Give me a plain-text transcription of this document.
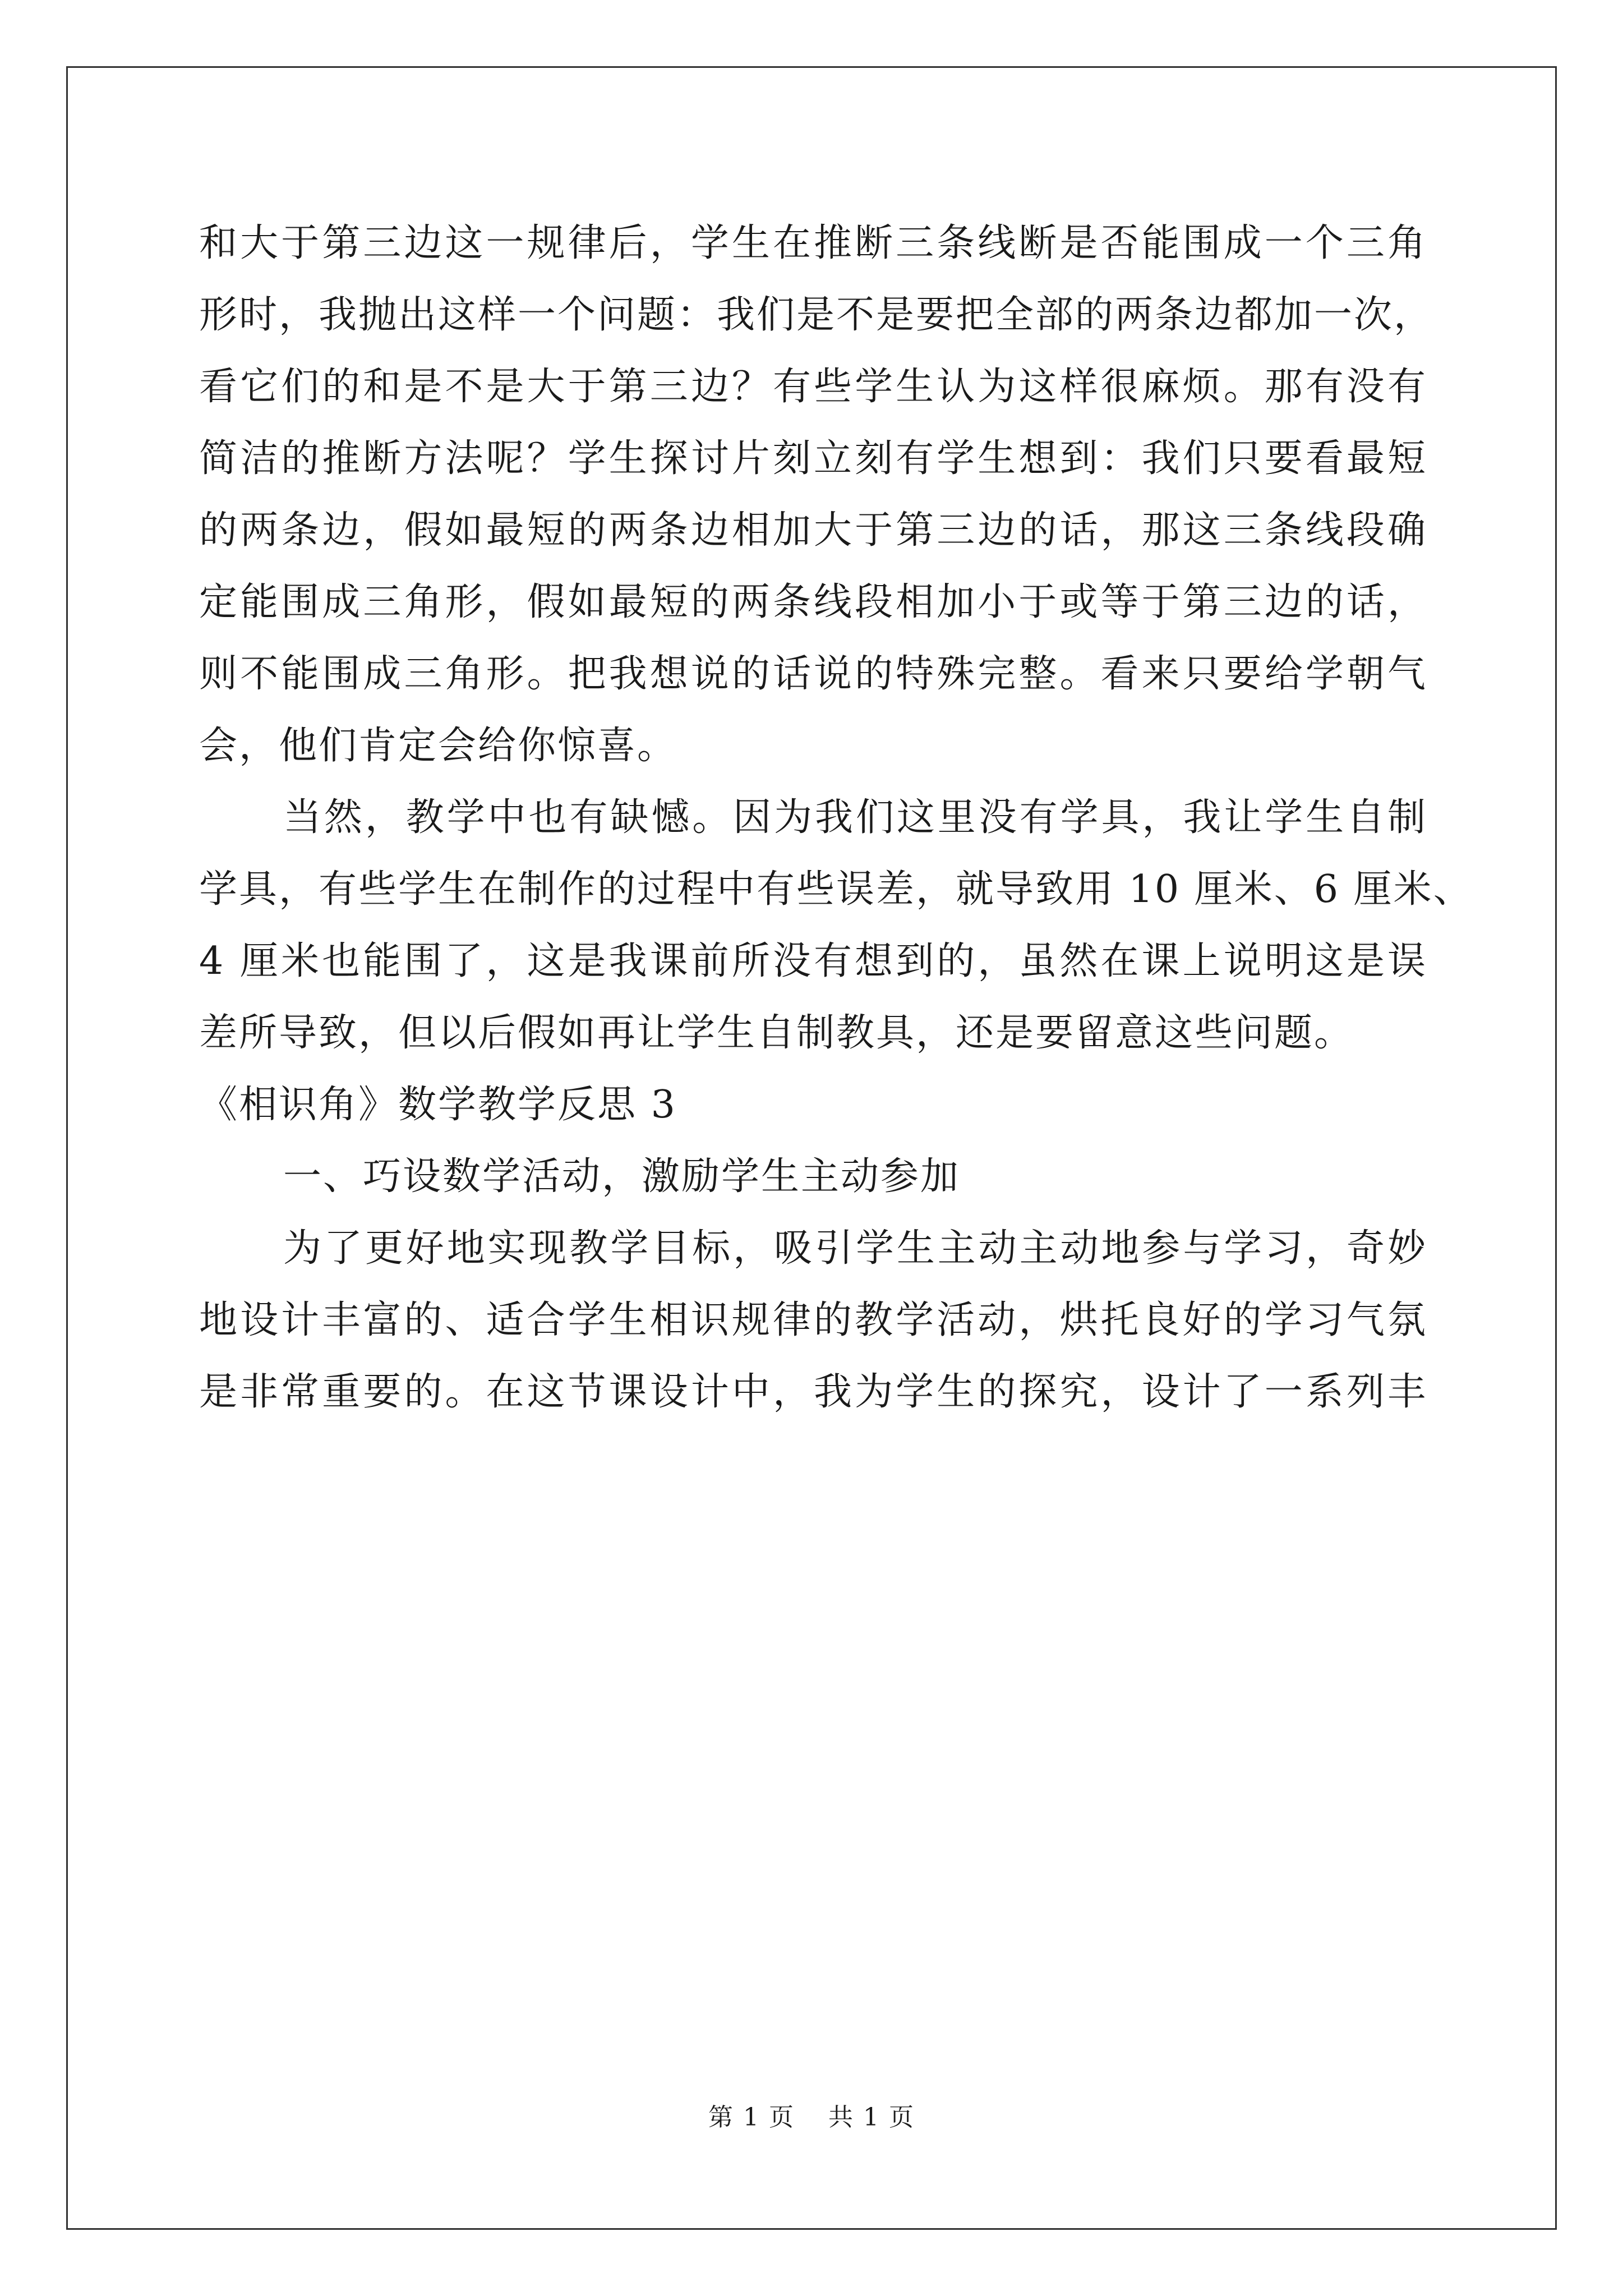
和大于第三边这一规律后，学生在推断三条线断是否能围成一个三角
形时，我抛出这样一个问题：我们是不是要把全部的两条边都加一次，
看它们的和是不是大于第三边？有些学生认为这样很麻烦。那有没有
简洁的推断方法呢？学生探讨片刻立刻有学生想到：我们只要看最短
的两条边，假如最短的两条边相加大于第三边的话，那这三条线段确
定能围成三角形，假如最短的两条线段相加小于或等于第三边的话，
则不能围成三角形。把我想说的话说的特殊完整。看来只要给学朝气
会，他们肯定会给你惊喜。
当然，教学中也有缺憾。因为我们这里没有学具，我让学生自制
学具，有些学生在制作的过程中有些误差，就导致用 10 厘米、6 厘米、
4 厘米也能围了，这是我课前所没有想到的，虽然在课上说明这是误
差所导致，但以后假如再让学生自制教具，还是要留意这些问题。
《相识角》数学教学反思 3
一、巧设数学活动，激励学生主动参加
为了更好地实现教学目标，吸引学生主动主动地参与学习，奇妙
地设计丰富的、适合学生相识规律的教学活动，烘托良好的学习气氛
是非常重要的。在这节课设计中，我为学生的探究，设计了一系列丰
第 1 页 共 1 页
